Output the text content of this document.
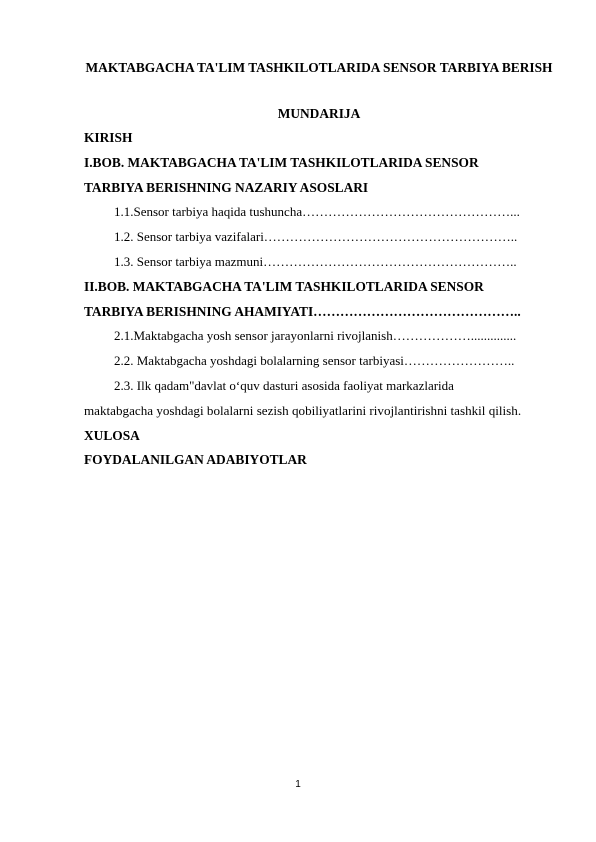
MAKTABGACHA TA'LIM TASHKILOTLARIDA SENSOR TARBIYA BERISH
MUNDARIJA
KIRISH
I.BOB. MAKTABGACHA TA'LIM TASHKILOTLARIDA SENSOR
TARBIYA BERISHNING NAZARIY ASOSLARI
1.1.Sensor tarbiya haqida tushuncha…………………………………………...
1.2. Sensor tarbiya vazifalari…………………………………………………..
1.3. Sensor tarbiya mazmuni…………………………………………………..
II.BOB. MAKTABGACHA TA'LIM TASHKILOTLARIDA SENSOR
TARBIYA BERISHNING AHAMIYATI………………………………………..
2.1.Maktabgacha yosh sensor jarayonlarni rivojlanish………………..............
2.2. Maktabgacha yoshdagi bolalarning sensor tarbiyasi……………………..
2.3. Ilk qadam"davlat o‘quv dasturi asosida faoliyat markazlarida
maktabgacha yoshdagi bolalarni sezish qobiliyatlarini rivojlantirishni tashkil qilish.
XULOSA
FOYDALANILGAN ADABIYOTLAR
1
